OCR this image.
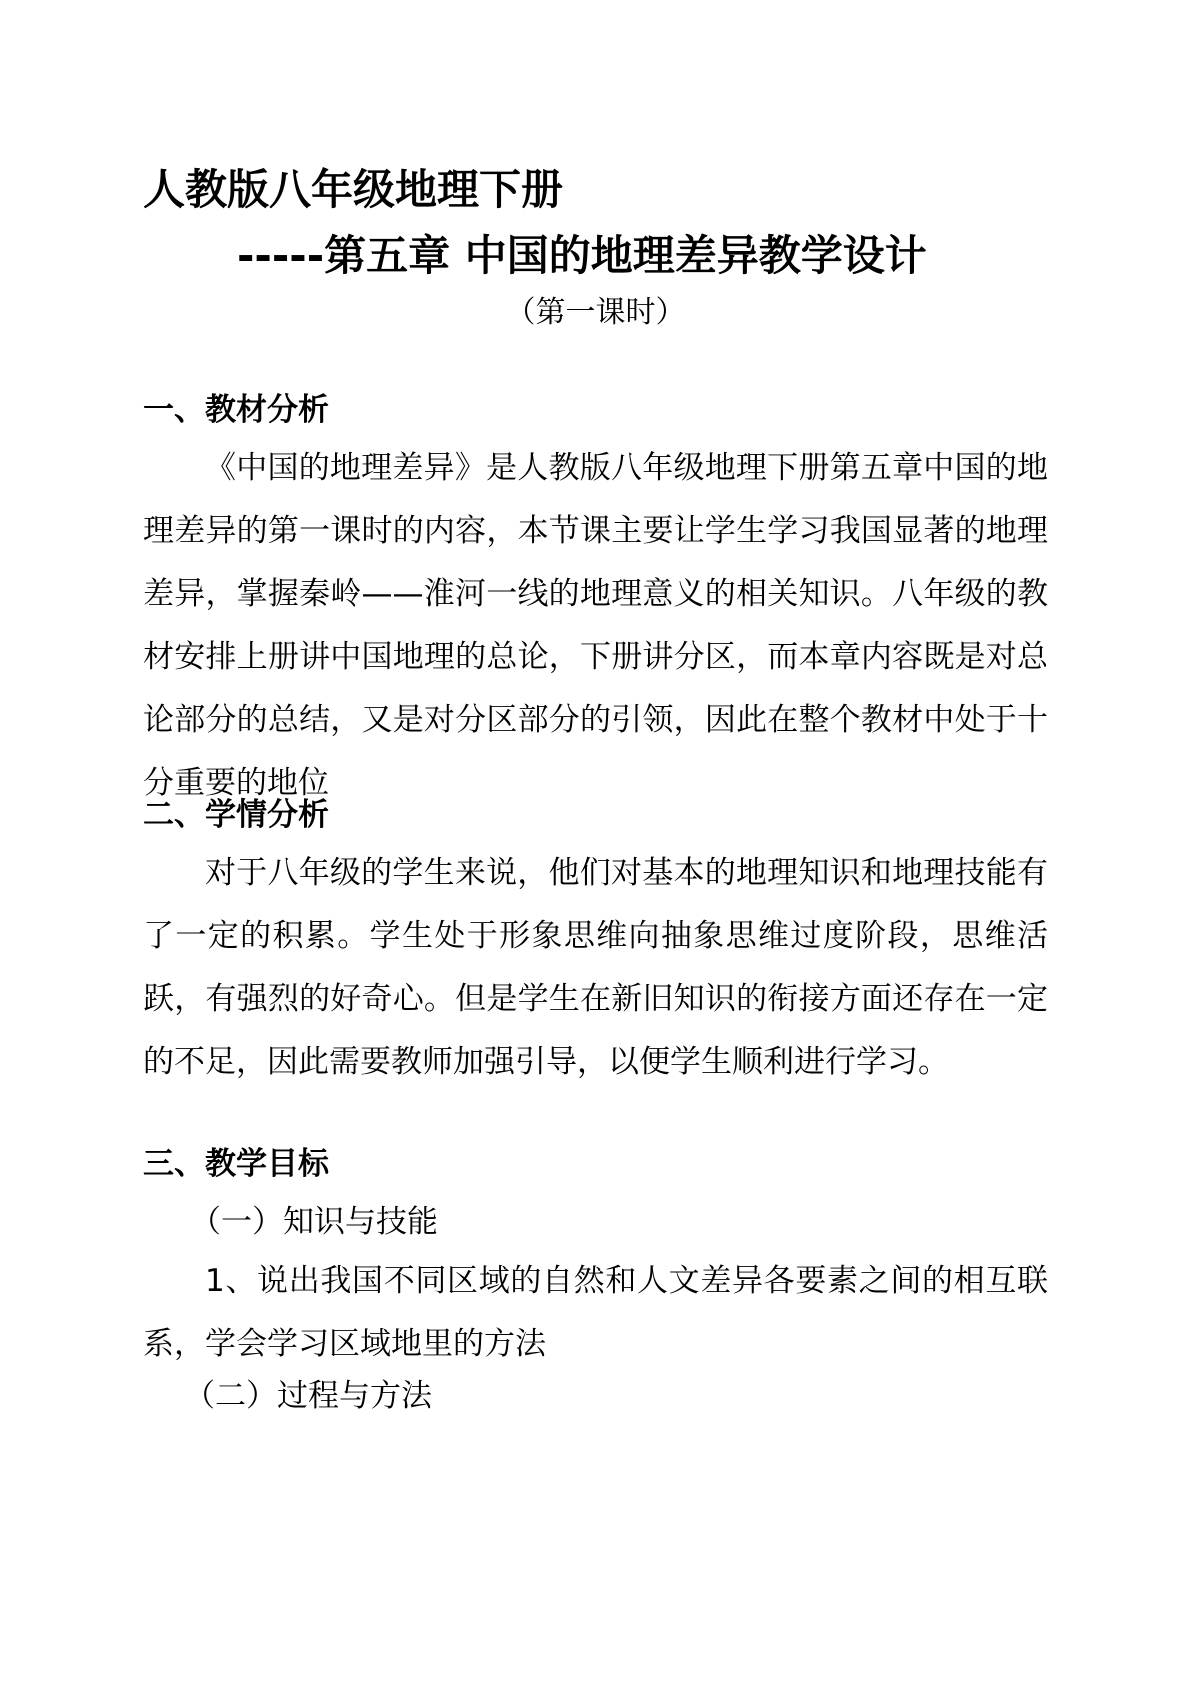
人教版八年级地理下册
-----第五章 中国的地理差异教学设计
（第一课时）
一、教材分析

《中国的地理差异》是人教版八年级地理下册第五章中国的地理差异的第一课时的内容，本节课主要让学生学习我国显著的地理差异，掌握秦岭——淮河一线的地理意义的相关知识。八年级的教材安排上册讲中国地理的总论，下册讲分区，而本章内容既是对总论部分的总结，又是对分区部分的引领，因此在整个教材中处于十分重要的地位

二、学情分析

对于八年级的学生来说，他们对基本的地理知识和地理技能有了一定的积累。学生处于形象思维向抽象思维过度阶段，思维活跃，有强烈的好奇心。但是学生在新旧知识的衔接方面还存在一定的不足，因此需要教师加强引导，以便学生顺利进行学习。

三、教学目标
（一）知识与技能

1、说出我国不同区域的自然和人文差异各要素之间的相互联系，学会学习区域地里的方法

（二）过程与方法
